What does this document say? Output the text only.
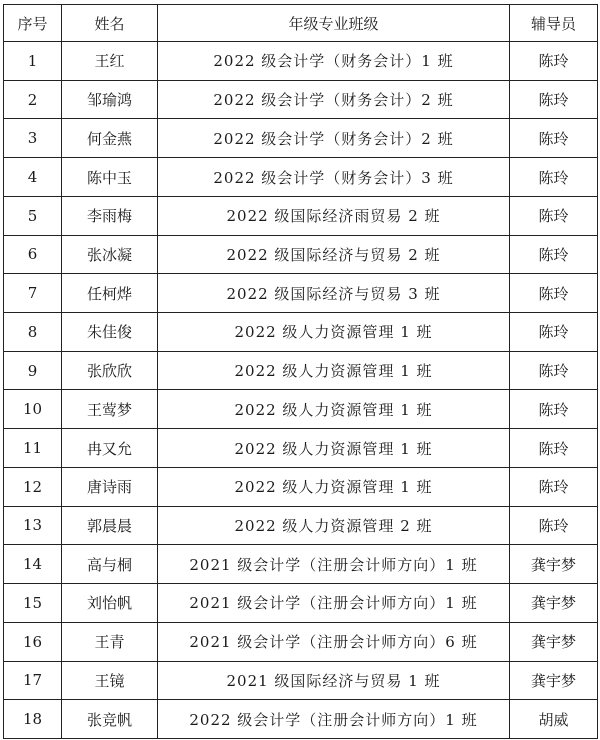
序号	姓名	年级专业班级	辅导员
1	王红	2022 级会计学（财务会计）1 班	陈玲
2	邹瑜鸿	2022 级会计学（财务会计）2 班	陈玲
3	何金燕	2022 级会计学（财务会计）2 班	陈玲
4	陈中玉	2022 级会计学（财务会计）3 班	陈玲
5	李雨梅	2022 级国际经济雨贸易 2 班	陈玲
6	张冰凝	2022 级国际经济与贸易 2 班	陈玲
7	任柯烨	2022 级国际经济与贸易 3 班	陈玲
8	朱佳俊	2022 级人力资源管理 1 班	陈玲
9	张欣欣	2022 级人力资源管理 1 班	陈玲
10	王莺梦	2022 级人力资源管理 1 班	陈玲
11	冉又允	2022 级人力资源管理 1 班	陈玲
12	唐诗雨	2022 级人力资源管理 1 班	陈玲
13	郭晨晨	2022 级人力资源管理 2 班	陈玲
14	高与桐	2021 级会计学（注册会计师方向）1 班	龚宇梦
15	刘怡帆	2021 级会计学（注册会计师方向）1 班	龚宇梦
16	王青	2021 级会计学（注册会计师方向）6 班	龚宇梦
17	王镜	2021 级国际经济与贸易 1 班	龚宇梦
18	张竞帆	2022 级会计学（注册会计师方向）1 班	胡威
